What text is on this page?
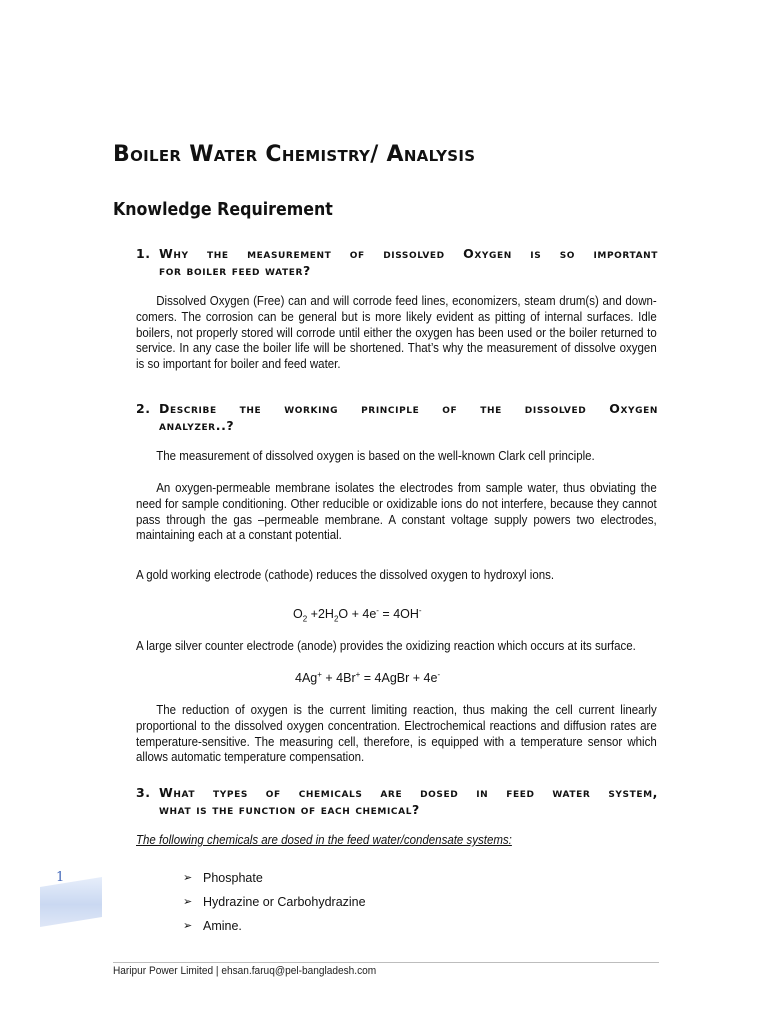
Boiler Water Chemistry/ Analysis
Knowledge Requirement
1. Why the measurement of dissolved Oxygen is so important
for boiler feed water?
Dissolved Oxygen (Free) can and will corrode feed lines, economizers, steam drum(s) and down-comers. The corrosion can be general but is more likely evident as pitting of internal surfaces. Idle boilers, not properly stored will corrode until either the oxygen has been used or the boiler returned to service. In any case the boiler life will be shortened. That’s why the measurement of dissolve oxygen is so important for boiler and feed water.
2. Describe the working principle of the dissolved Oxygen
analyzer..?
The measurement of dissolved oxygen is based on the well-known Clark cell principle.
An oxygen-permeable membrane isolates the electrodes from sample water, thus obviating the need for sample conditioning. Other reducible or oxidizable ions do not interfere, because they cannot pass through the gas –permeable membrane. A constant voltage supply powers two electrodes, maintaining each at a constant potential.
A gold working electrode (cathode) reduces the dissolved oxygen to hydroxyl ions.
$O_2 +2H_2O + 4e^- = 4OH^-$
A large silver counter electrode (anode) provides the oxidizing reaction which occurs at its surface.
4Ag+ + 4Br+ = 4AgBr + 4e-
The reduction of oxygen is the current limiting reaction, thus making the cell current linearly proportional to the dissolved oxygen concentration. Electrochemical reactions and diffusion rates are temperature-sensitive. The measuring cell, therefore, is equipped with a temperature sensor which allows automatic temperature compensation.
3. What types of chemicals are dosed in feed water system,
what is the function of each chemical?
The following chemicals are dosed in the feed water/condensate systems:
➢ Phosphate
➢ Hydrazine or Carbohydrazine
➢ Amine.
1
Haripur Power Limited | ehsan.faruq@pel-bangladesh.com
